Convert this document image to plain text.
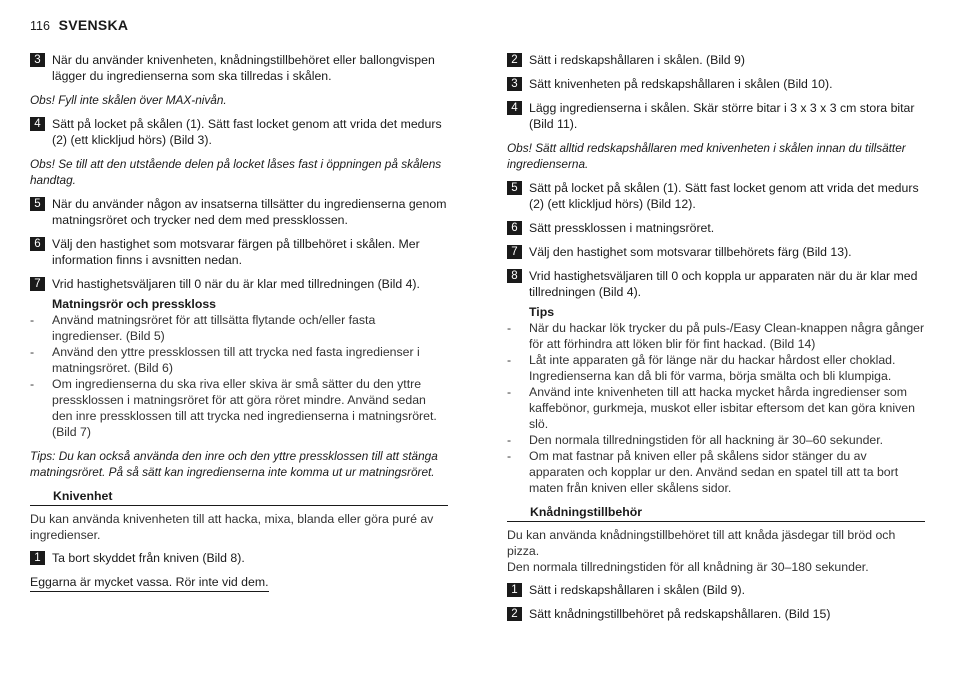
116 SVENSKA
3 När du använder knivenheten, knådningstillbehöret eller ballongvispen lägger du ingredienserna som ska tillredas i skålen.
Obs! Fyll inte skålen över MAX-nivån.
4 Sätt på locket på skålen (1). Sätt fast locket genom att vrida det medurs (2) (ett klickljud hörs) (Bild 3).
Obs! Se till att den utstående delen på locket låses fast i öppningen på skålens handtag.
5 När du använder någon av insatserna tillsätter du ingredienserna genom matningsröret och trycker ned dem med pressklossen.
6 Välj den hastighet som motsvarar färgen på tillbehöret i skålen. Mer information finns i avsnitten nedan.
7 Vrid hastighetsväljaren till 0 när du är klar med tillredningen (Bild 4).
Matningsrör och presskloss
-	Använd matningsröret för att tillsätta flytande och/eller fasta ingredienser. (Bild 5)
-	Använd den yttre pressklossen till att trycka ned fasta ingredienser i matningsröret. (Bild 6)
-	Om ingredienserna du ska riva eller skiva är små sätter du den yttre pressklossen i matningsröret för att göra röret mindre. Använd sedan den inre pressklossen till att trycka ned ingredienserna i matningsröret. (Bild 7)
Tips: Du kan också använda den inre och den yttre pressklossen till att stänga matningsröret. På så sätt kan ingredienserna inte komma ut ur matningsröret.
Knivenhet
Du kan använda knivenheten till att hacka, mixa, blanda eller göra puré av ingredienser.
1 Ta bort skyddet från kniven (Bild 8).
Eggarna är mycket vassa. Rör inte vid dem.
2 Sätt i redskapshållaren i skålen. (Bild 9)
3 Sätt knivenheten på redskapshållaren i skålen (Bild 10).
4 Lägg ingredienserna i skålen. Skär större bitar i 3 x 3 x 3 cm stora bitar (Bild 11).
Obs! Sätt alltid redskapshållaren med knivenheten i skålen innan du tillsätter ingredienserna.
5 Sätt på locket på skålen (1). Sätt fast locket genom att vrida det medurs (2) (ett klickljud hörs) (Bild 12).
6 Sätt pressklossen i matningsröret.
7 Välj den hastighet som motsvarar tillbehörets färg (Bild 13).
8 Vrid hastighetsväljaren till 0 och koppla ur apparaten när du är klar med tillredningen (Bild 4).
Tips
-	När du hackar lök trycker du på puls-/Easy Clean-knappen några gånger för att förhindra att löken blir för fint hackad. (Bild 14)
-	Låt inte apparaten gå för länge när du hackar hårdost eller choklad. Ingredienserna kan då bli för varma, börja smälta och bli klumpiga.
-	Använd inte knivenheten till att hacka mycket hårda ingredienser som kaffebönor, gurkmeja, muskot eller isbitar eftersom det kan göra kniven slö.
-	Den normala tillredningstiden för all hackning är 30–60 sekunder.
-	Om mat fastnar på kniven eller på skålens sidor stänger du av apparaten och kopplar ur den. Använd sedan en spatel till att ta bort maten från kniven eller skålens sidor.
Knådningstillbehör
Du kan använda knådningstillbehöret till att knåda jäsdegar till bröd och pizza.
Den normala tillredningstiden för all knådning är 30–180 sekunder.
1 Sätt i redskapshållaren i skålen (Bild 9).
2 Sätt knådningstillbehöret på redskapshållaren. (Bild 15)
